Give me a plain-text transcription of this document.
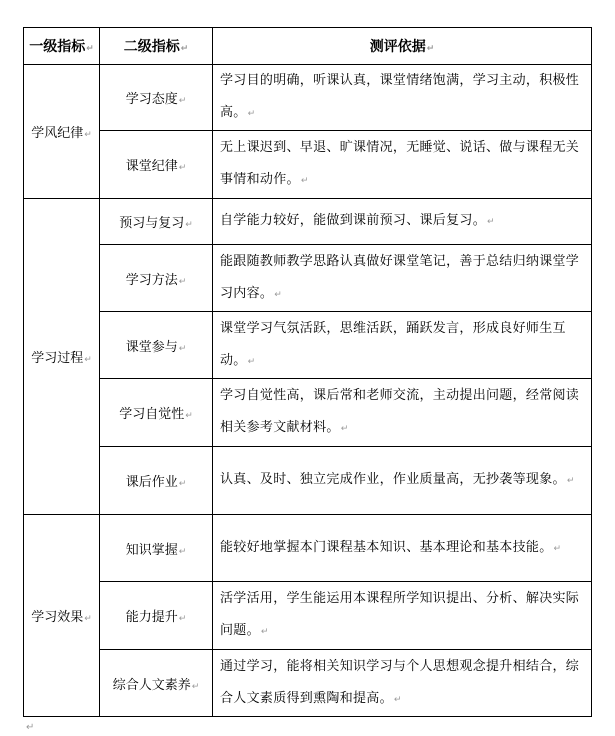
一级指标↵	二级指标↵	测评依据↵
学风纪律↵	学习态度↵	学习目的明确，听课认真，课堂情绪饱满，学习主动，积极性高。↵
	课堂纪律↵	无上课迟到、早退、旷课情况，无睡觉、说话、做与课程无关事情和动作。↵
学习过程↵	预习与复习↵	自学能力较好，能做到课前预习、课后复习。↵
	学习方法↵	能跟随教师教学思路认真做好课堂笔记，善于总结归纳课堂学习内容。↵
	课堂参与↵	课堂学习气氛活跃，思维活跃，踊跃发言，形成良好师生互动。↵
	学习自觉性↵	学习自觉性高，课后常和老师交流，主动提出问题，经常阅读相关参考文献材料。↵
	课后作业↵	认真、及时、独立完成作业，作业质量高，无抄袭等现象。↵
学习效果↵	知识掌握↵	能较好地掌握本门课程基本知识、基本理论和基本技能。↵
	能力提升↵	活学活用，学生能运用本课程所学知识提出、分析、解决实际问题。↵
	综合人文素养↵	通过学习，能将相关知识学习与个人思想观念提升相结合，综合人文素质得到熏陶和提高。↵
↵
